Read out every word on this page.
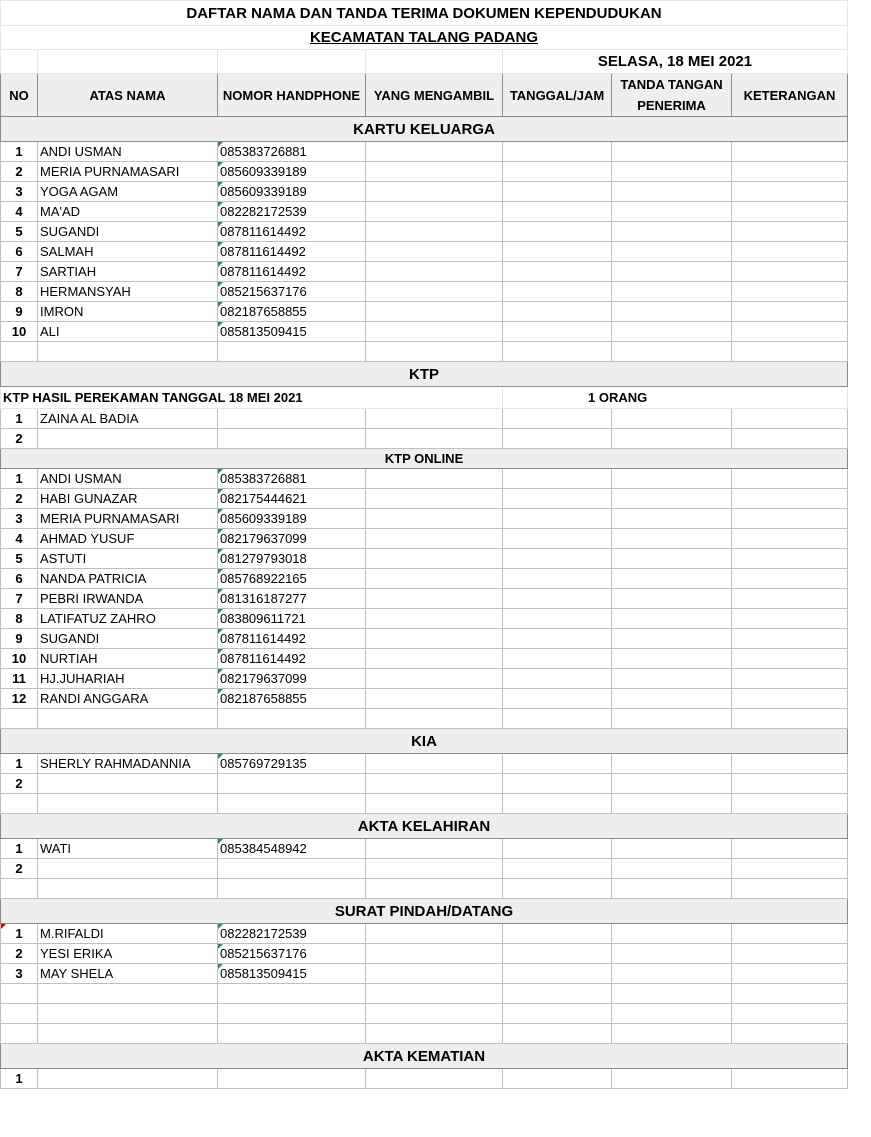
DAFTAR NAMA DAN TANDA TERIMA DOKUMEN KEPENDUDUKAN						
KECAMATAN TALANG PADANG						
				SELASA, 18 MEI 2021		
NO	ATAS NAMA	NOMOR HANDPHONE	YANG MENGAMBIL	TANGGAL/JAM	TANDA TANGAN PENERIMA	KETERANGAN
KARTU KELUARGA						
1	ANDI USMAN	085383726881				
2	MERIA PURNAMASARI	085609339189				
3	YOGA AGAM	085609339189				
4	MA'AD	082282172539				
5	SUGANDI	087811614492				
6	SALMAH	087811614492				
7	SARTIAH	087811614492				
8	HERMANSYAH	085215637176				
9	IMRON	082187658855				
10	ALI	085813509415				

KTP						
KTP HASIL PEREKAMAN TANGGAL 18 MEI 2021				1 ORANG		
1	ZAINA AL BADIA					
2						
KTP ONLINE						
1	ANDI USMAN	085383726881				
2	HABI GUNAZAR	082175444621				
3	MERIA PURNAMASARI	085609339189				
4	AHMAD YUSUF	082179637099				
5	ASTUTI	081279793018				
6	NANDA PATRICIA	085768922165				
7	PEBRI IRWANDA	081316187277				
8	LATIFATUZ ZAHRO	083809611721				
9	SUGANDI	087811614492				
10	NURTIAH	087811614492				
11	HJ.JUHARIAH	082179637099				
12	RANDI ANGGARA	082187658855				

KIA						
1	SHERLY RAHMADANNIA	085769729135				
2						

AKTA KELAHIRAN						
1	WATI	085384548942				
2						

SURAT PINDAH/DATANG						

1	M.RIFALDI	082282172539				
2	YESI ERIKA	085215637176				
3	MAY SHELA	085813509415				

AKTA KEMATIAN						
1						
